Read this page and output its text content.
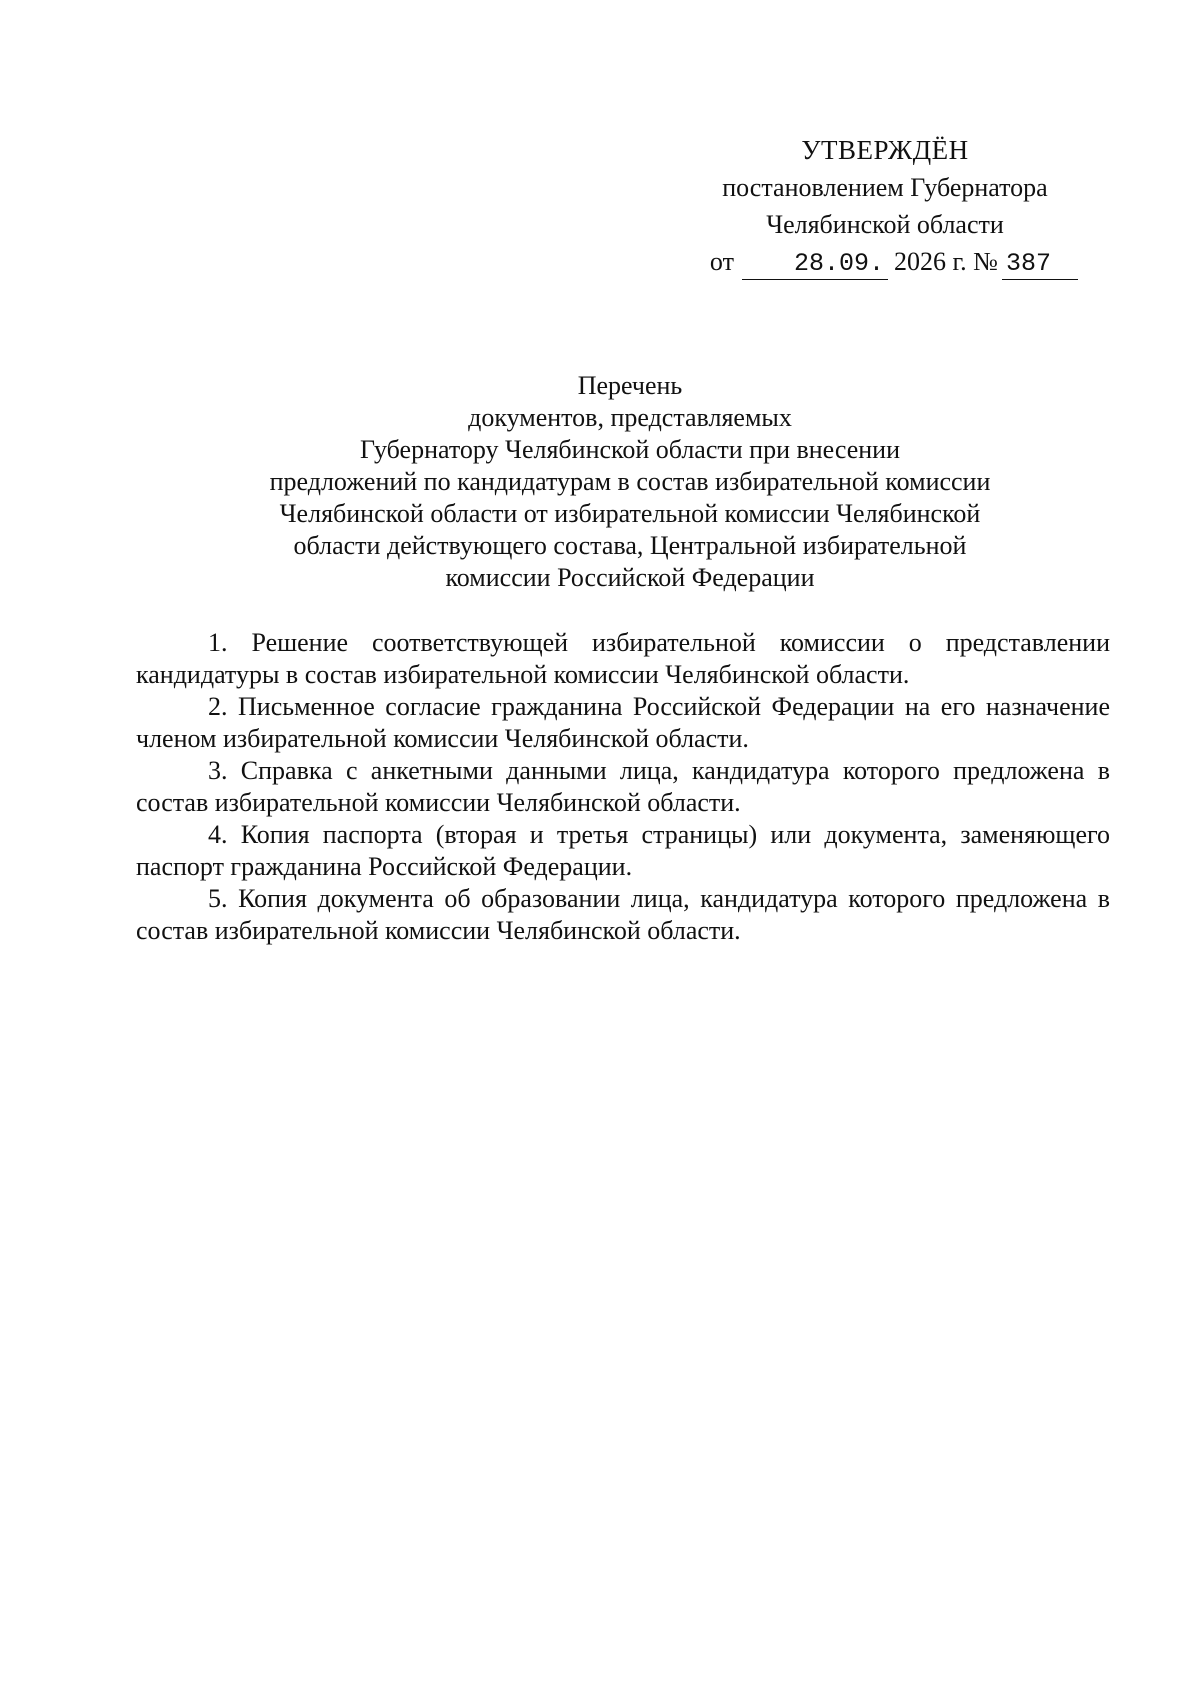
УТВЕРЖДЁН
постановлением Губернатора
Челябинской области
от 28.09. 2026 г. № 387
Перечень
документов, представляемых
Губернатору Челябинской области при внесении
предложений по кандидатурам в состав избирательной комиссии
Челябинской области от избирательной комиссии Челябинской
области действующего состава, Центральной избирательной
комиссии Российской Федерации

1. Решение соответствующей избирательной комиссии о представлении кандидатуры в состав избирательной комиссии Челябинской области.

2. Письменное согласие гражданина Российской Федерации на его назначение членом избирательной комиссии Челябинской области.

3. Справка с анкетными данными лица, кандидатура которого предложена в состав избирательной комиссии Челябинской области.

4. Копия паспорта (вторая и третья страницы) или документа, заменяющего паспорт гражданина Российской Федерации.

5. Копия документа об образовании лица, кандидатура которого предложена в состав избирательной комиссии Челябинской области.
